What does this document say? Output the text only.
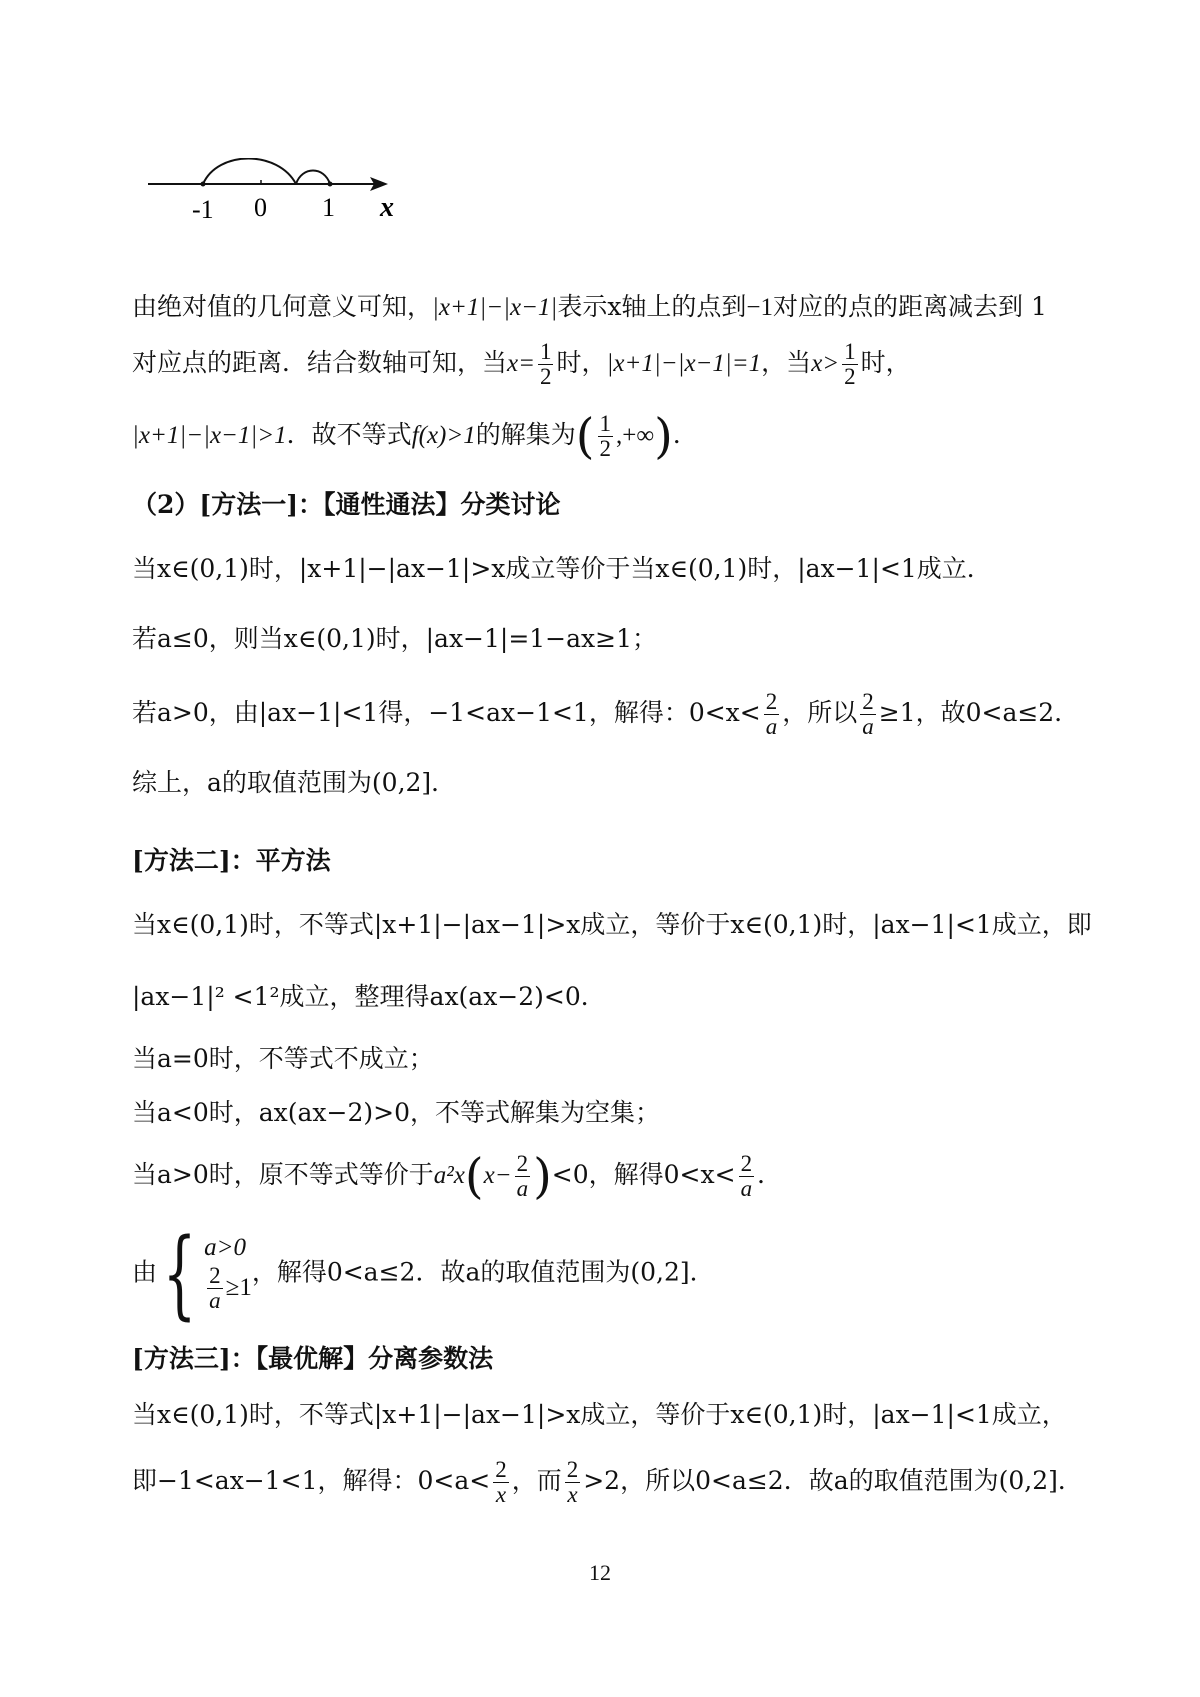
-1 0 1 x
由绝对值的几何意义可知，|x+1|−|x−1|表示x轴上的点到−1对应的点的距离减去到 1
对应点的距离．结合数轴可知，当$x= \frac{1}{2}$ 时，|x+1|−|x−1|=1，当$x> \frac{1}{2}$ 时，
|x+1|−|x−1|>1．故不等式f(x)>1的解集为( $\frac{1}{2}$ ,+∞)．
（2）[方法一]：【通性通法】分类讨论
当x∈(0,1)时，|x+1|−|ax−1|>x成立等价于当x∈(0,1)时，|ax−1|<1成立．
若a≤0，则当x∈(0,1)时，|ax−1|=1−ax≥1；
若a>0，由|ax−1|<1得，−1<ax−1<1，解得：$0<x< \frac{2}{a}$ ，所以 $\frac{2}{a} \ge 1$，故0<a≤2．
综上，a的取值范围为(0,2]．
[方法二]：平方法
当x∈(0,1)时，不等式|x+1|−|ax−1|>x成立，等价于x∈(0,1)时，|ax−1|<1成立，即
|ax−1|² <1²成立，整理得ax(ax−2)<0．
当a=0时，不等式不成立；
当a<0时，ax(ax−2)>0，不等式解集为空集；
当a>0时，原不等式等价于$a^2x(x- \frac{2}{a} )<0$，解得$0<x< \frac{2}{a}$ ．
由 { a>0
$\frac{2}{a} \ge 1$
，解得0<a≤2．故a的取值范围为(0,2]．
[方法三]：【最优解】分离参数法
当x∈(0,1)时，不等式|x+1|−|ax−1|>x成立，等价于x∈(0,1)时，|ax−1|<1成立，
即−1<ax−1<1，解得：$0<a< \frac{2}{x}$ ，而 $\frac{2}{x} >2$，所以0<a≤2．故a的取值范围为(0,2]．
12
